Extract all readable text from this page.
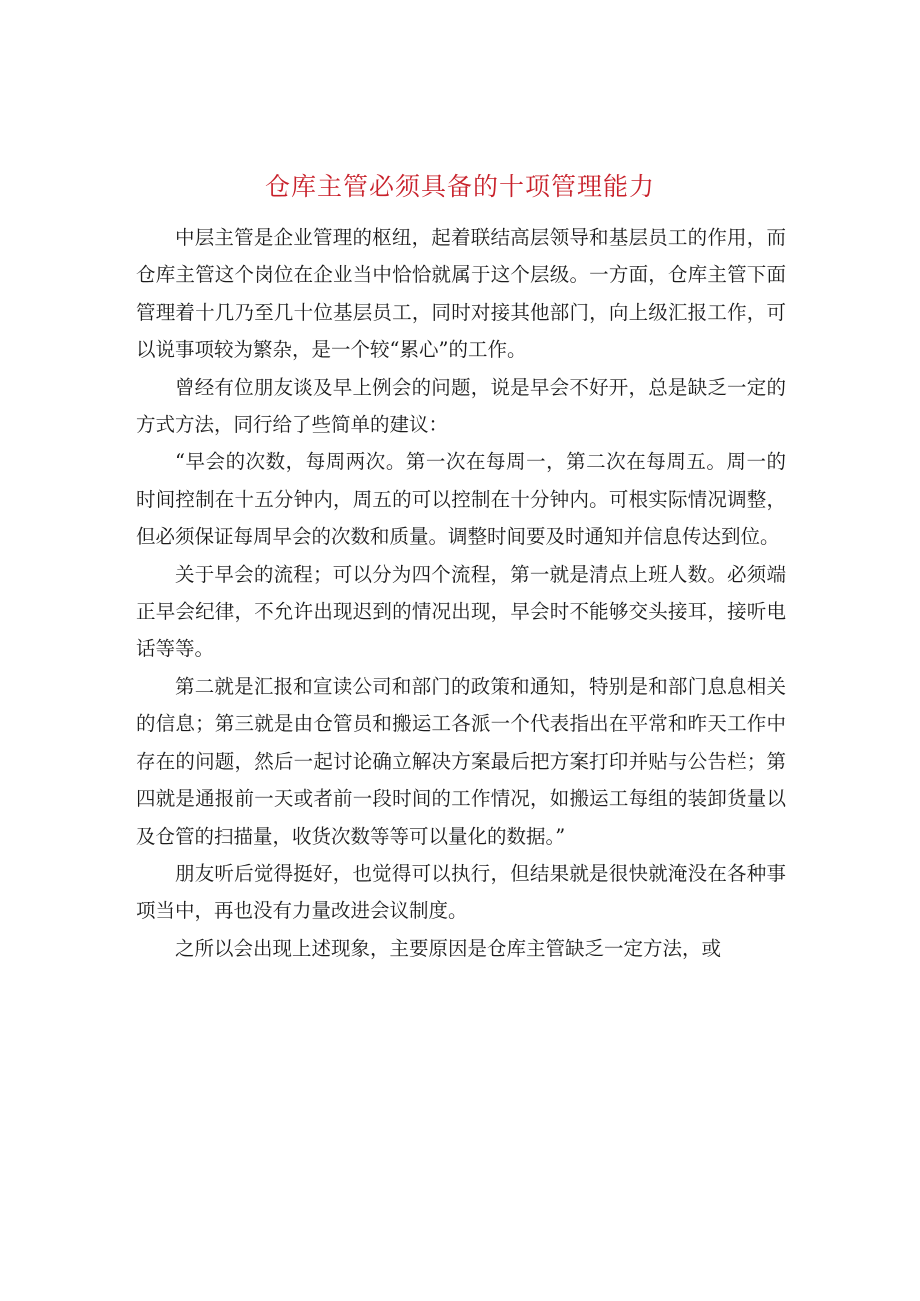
仓库主管必须具备的十项管理能力

中层主管是企业管理的枢纽，起着联结高层领导和基层员工的作用，而仓库主管这个岗位在企业当中恰恰就属于这个层级。一方面，仓库主管下面管理着十几乃至几十位基层员工，同时对接其他部门，向上级汇报工作，可以说事项较为繁杂，是一个较“累心”的工作。

曾经有位朋友谈及早上例会的问题，说是早会不好开，总是缺乏一定的方式方法，同行给了些简单的建议：

“早会的次数，每周两次。第一次在每周一，第二次在每周五。周一的时间控制在十五分钟内，周五的可以控制在十分钟内。可根实际情况调整，但必须保证每周早会的次数和质量。调整时间要及时通知并信息传达到位。

关于早会的流程；可以分为四个流程，第一就是清点上班人数。必须端正早会纪律，不允许出现迟到的情况出现，早会时不能够交头接耳，接听电话等等。

第二就是汇报和宣读公司和部门的政策和通知，特别是和部门息息相关的信息；第三就是由仓管员和搬运工各派一个代表指出在平常和昨天工作中存在的问题，然后一起讨论确立解决方案最后把方案打印并贴与公告栏；第四就是通报前一天或者前一段时间的工作情况，如搬运工每组的装卸货量以及仓管的扫描量，收货次数等等可以量化的数据。”

朋友听后觉得挺好，也觉得可以执行，但结果就是很快就淹没在各种事项当中，再也没有力量改进会议制度。

之所以会出现上述现象，主要原因是仓库主管缺乏一定方法，或
